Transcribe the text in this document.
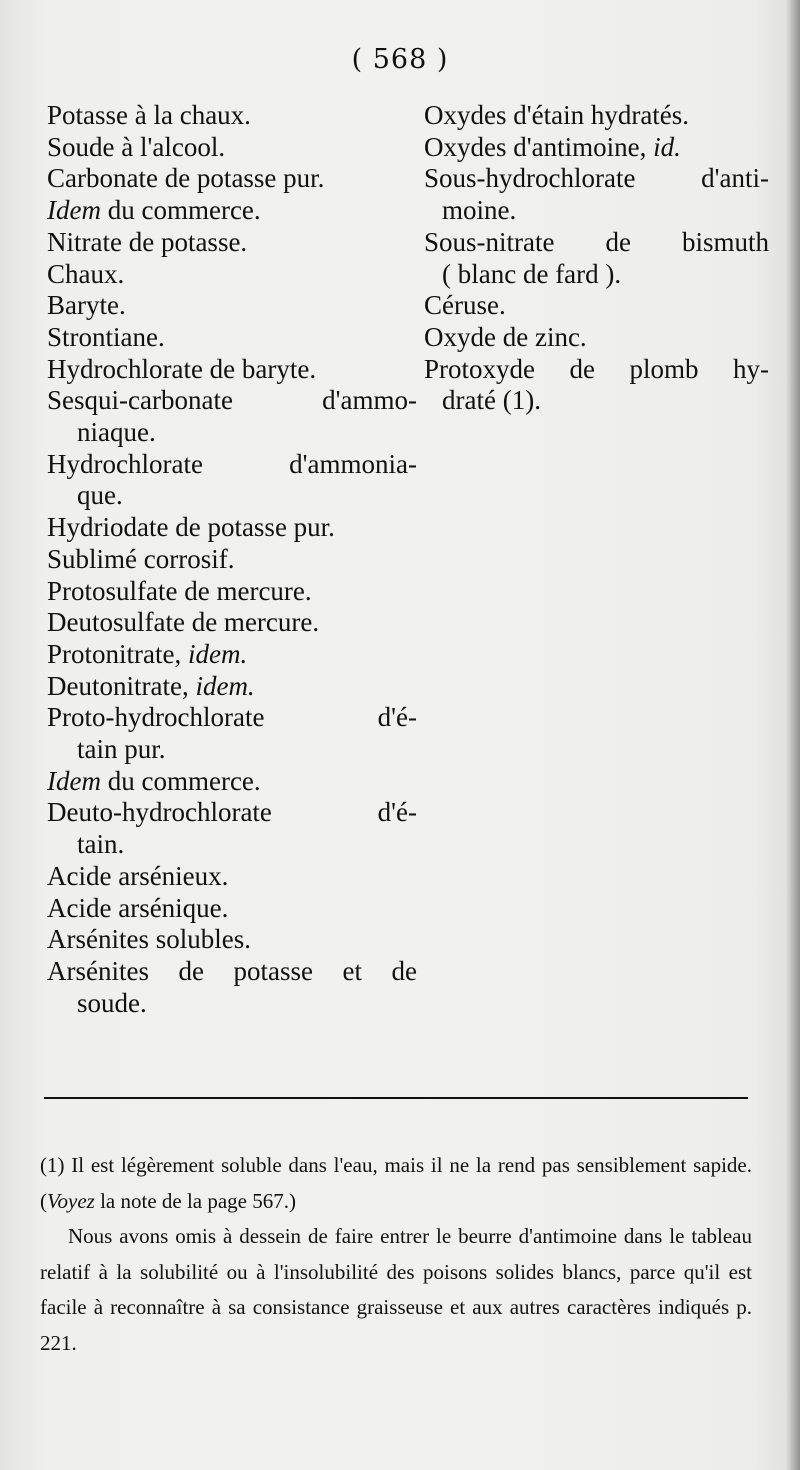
( 568 )
Potasse à la chaux.
Soude à l'alcool.
Carbonate de potasse pur.
Idem du commerce.
Nitrate de potasse.
Chaux.
Baryte.
Strontiane.
Hydrochlorate de baryte.
Sesqui-carbonate d'ammo-
niaque.
Hydrochlorate d'ammonia-
que.
Hydriodate de potasse pur.
Sublimé corrosif.
Protosulfate de mercure.
Deutosulfate de mercure.
Protonitrate, idem.
Deutonitrate, idem.
Proto-hydrochlorate d'é-
tain pur.
Idem du commerce.
Deuto-hydrochlorate d'é-
tain.
Acide arsénieux.
Acide arsénique.
Arsénites solubles.
Arsénites de potasse et de
soude.
Oxydes d'étain hydratés.
Oxydes d'antimoine, id.
Sous-hydrochlorate d'anti-
moine.
Sous-nitrate de bismuth
( blanc de fard ).
Céruse.
Oxyde de zinc.
Protoxyde de plomb hy-
draté (1).

(1) Il est légèrement soluble dans l'eau, mais il ne la rend pas sensiblement sapide. (Voyez la note de la page 567.)

Nous avons omis à dessein de faire entrer le beurre d'antimoine dans le tableau relatif à la solubilité ou à l'insolubilité des poisons solides blancs, parce qu'il est facile à reconnaître à sa consistance graisseuse et aux autres caractères indiqués p. 221.
